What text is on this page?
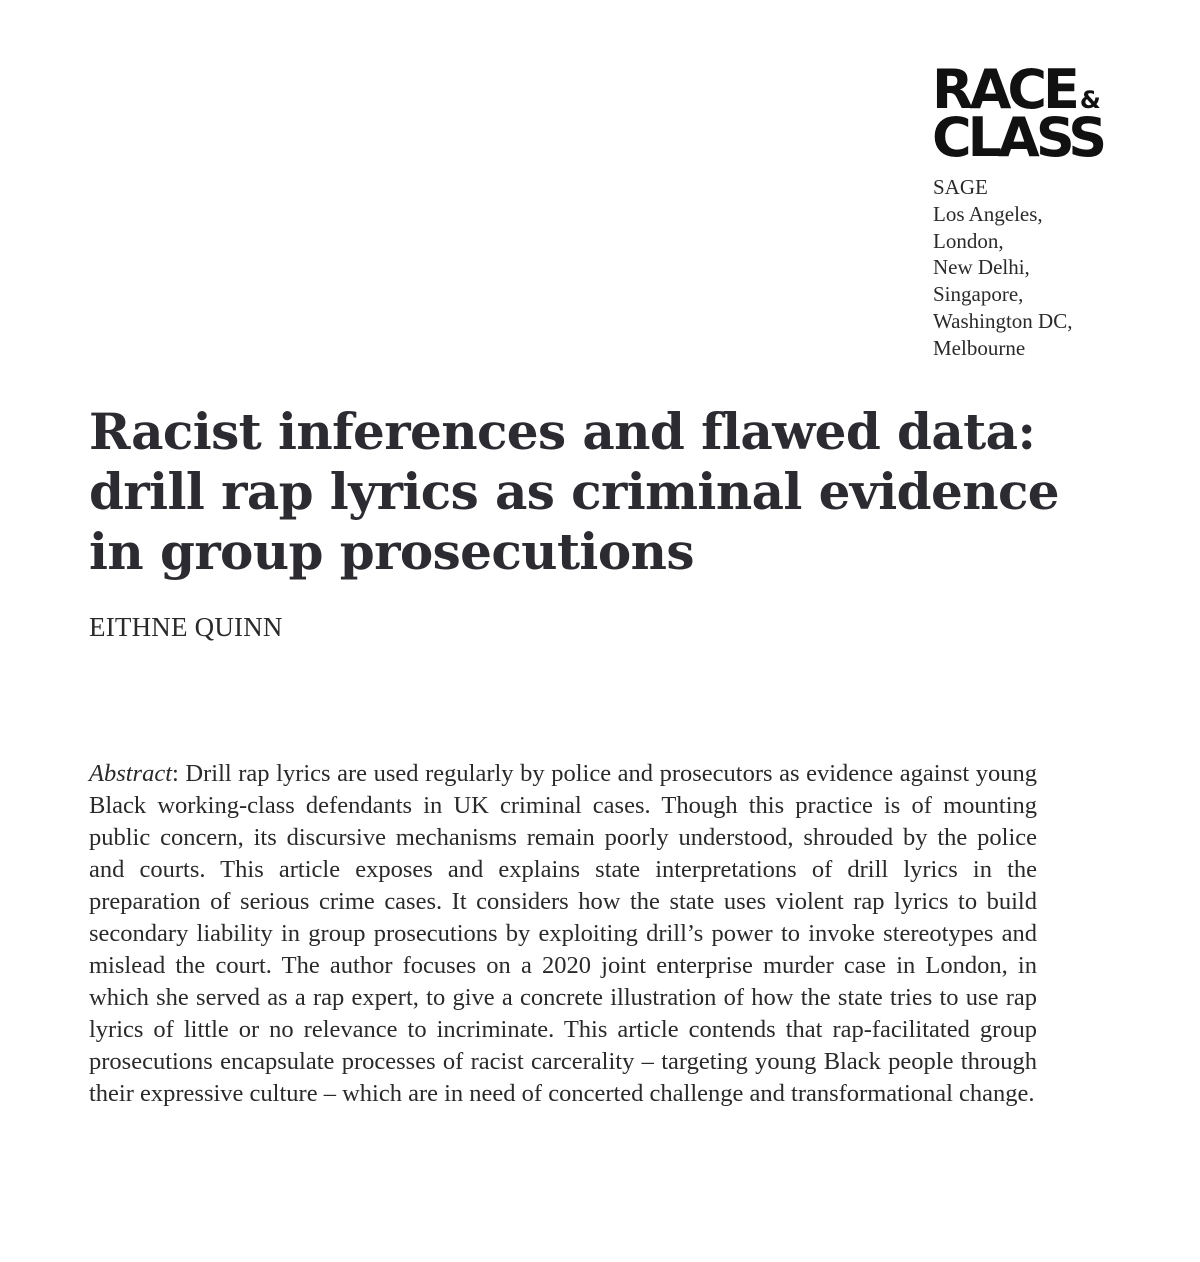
RACE &
CLASS
SAGE
Los Angeles,
London,
New Delhi,
Singapore,
Washington DC,
Melbourne
Racist inferences and flawed data:
drill rap lyrics as criminal evidence
in group prosecutions
EITHNE QUINN

Abstract: Drill rap lyrics are used regularly by police and prosecutors as evidence against young Black working-class defendants in UK criminal cases. Though this practice is of mounting public concern, its discursive mechanisms remain poorly understood, shrouded by the police and courts. This article exposes and explains state interpretations of drill lyrics in the preparation of serious crime cases. It considers how the state uses violent rap lyrics to build secondary liability in group prosecutions by exploiting drill’s power to invoke stereotypes and mislead the court. The author focuses on a 2020 joint enterprise murder case in London, in which she served as a rap expert, to give a concrete illustration of how the state tries to use rap lyrics of little or no relevance to incriminate. This article contends that rap-facilitated group prosecutions encapsulate processes of racist carcerality – targeting young Black people through their expressive culture – which are in need of concerted challenge and transformational change.
